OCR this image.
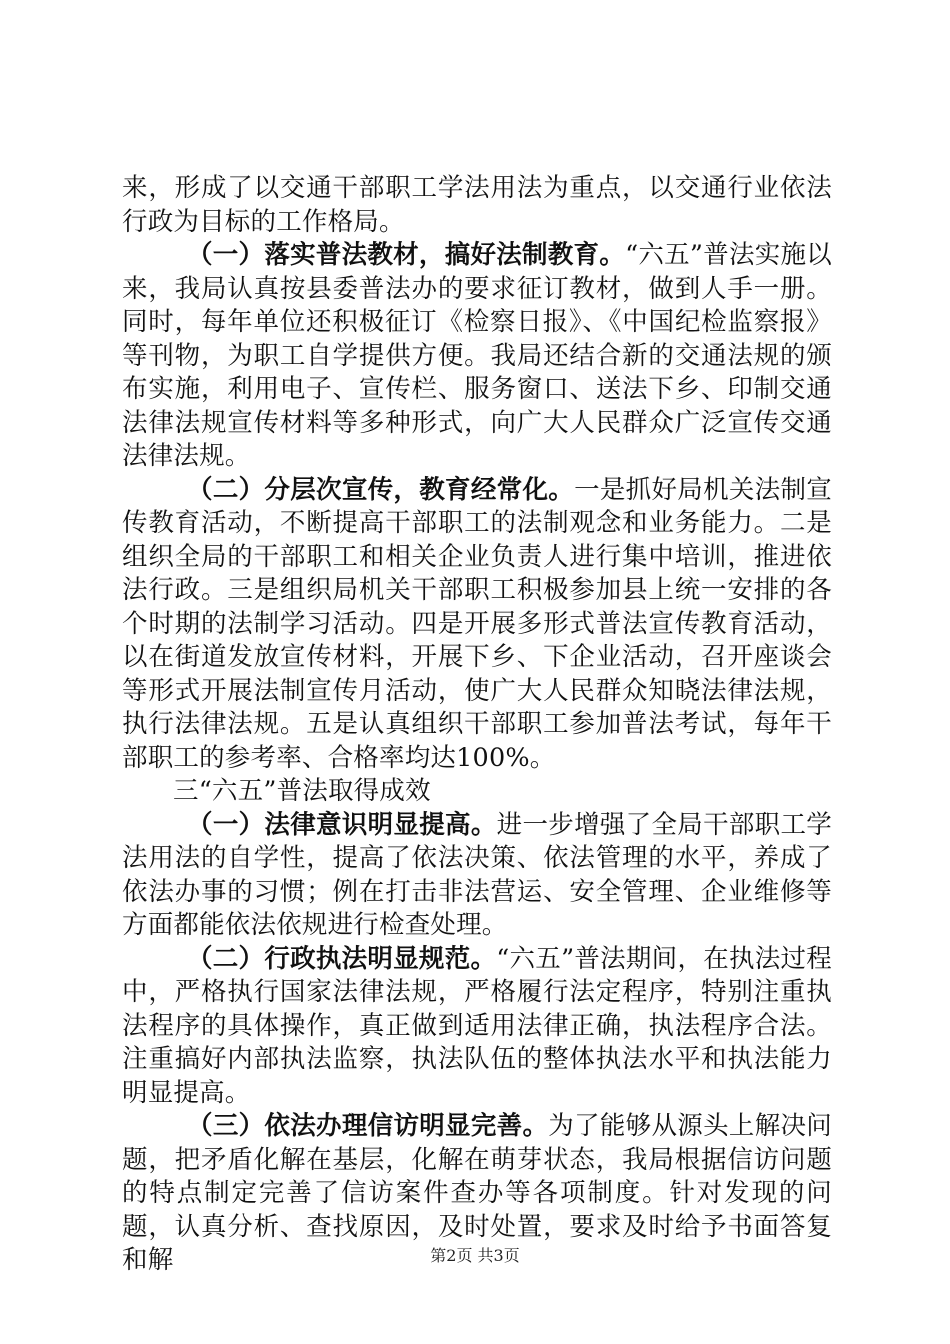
来，形成了以交通干部职工学法用法为重点，以交通行业依法行政为目标的工作格局。

（一）落实普法教材，搞好法制教育。“六五”普法实施以来，我局认真按县委普法办的要求征订教材，做到人手一册。同时，每年单位还积极征订《检察日报》、《中国纪检监察报》等刊物，为职工自学提供方便。我局还结合新的交通法规的颁布实施，利用电子、宣传栏、服务窗口、送法下乡、印制交通法律法规宣传材料等多种形式，向广大人民群众广泛宣传交通法律法规。

（二）分层次宣传，教育经常化。一是抓好局机关法制宣传教育活动，不断提高干部职工的法制观念和业务能力。二是组织全局的干部职工和相关企业负责人进行集中培训，推进依法行政。三是组织局机关干部职工积极参加县上统一安排的各个时期的法制学习活动。四是开展多形式普法宣传教育活动，以在街道发放宣传材料，开展下乡、下企业活动，召开座谈会等形式开展法制宣传月活动，使广大人民群众知晓法律法规，执行法律法规。五是认真组织干部职工参加普法考试，每年干部职工的参考率、合格率均达100%。

三“六五”普法取得成效

（一）法律意识明显提高。进一步增强了全局干部职工学法用法的自学性，提高了依法决策、依法管理的水平，养成了依法办事的习惯；例在打击非法营运、安全管理、企业维修等方面都能依法依规进行检查处理。

（二）行政执法明显规范。“六五”普法期间，在执法过程中，严格执行国家法律法规，严格履行法定程序，特别注重执法程序的具体操作，真正做到适用法律正确，执法程序合法。注重搞好内部执法监察，执法队伍的整体执法水平和执法能力明显提高。

（三）依法办理信访明显完善。为了能够从源头上解决问题，把矛盾化解在基层，化解在萌芽状态，我局根据信访问题的特点制定完善了信访案件查办等各项制度。针对发现的问题，认真分析、查找原因，及时处置，要求及时给予书面答复和解	第2页 共3页
